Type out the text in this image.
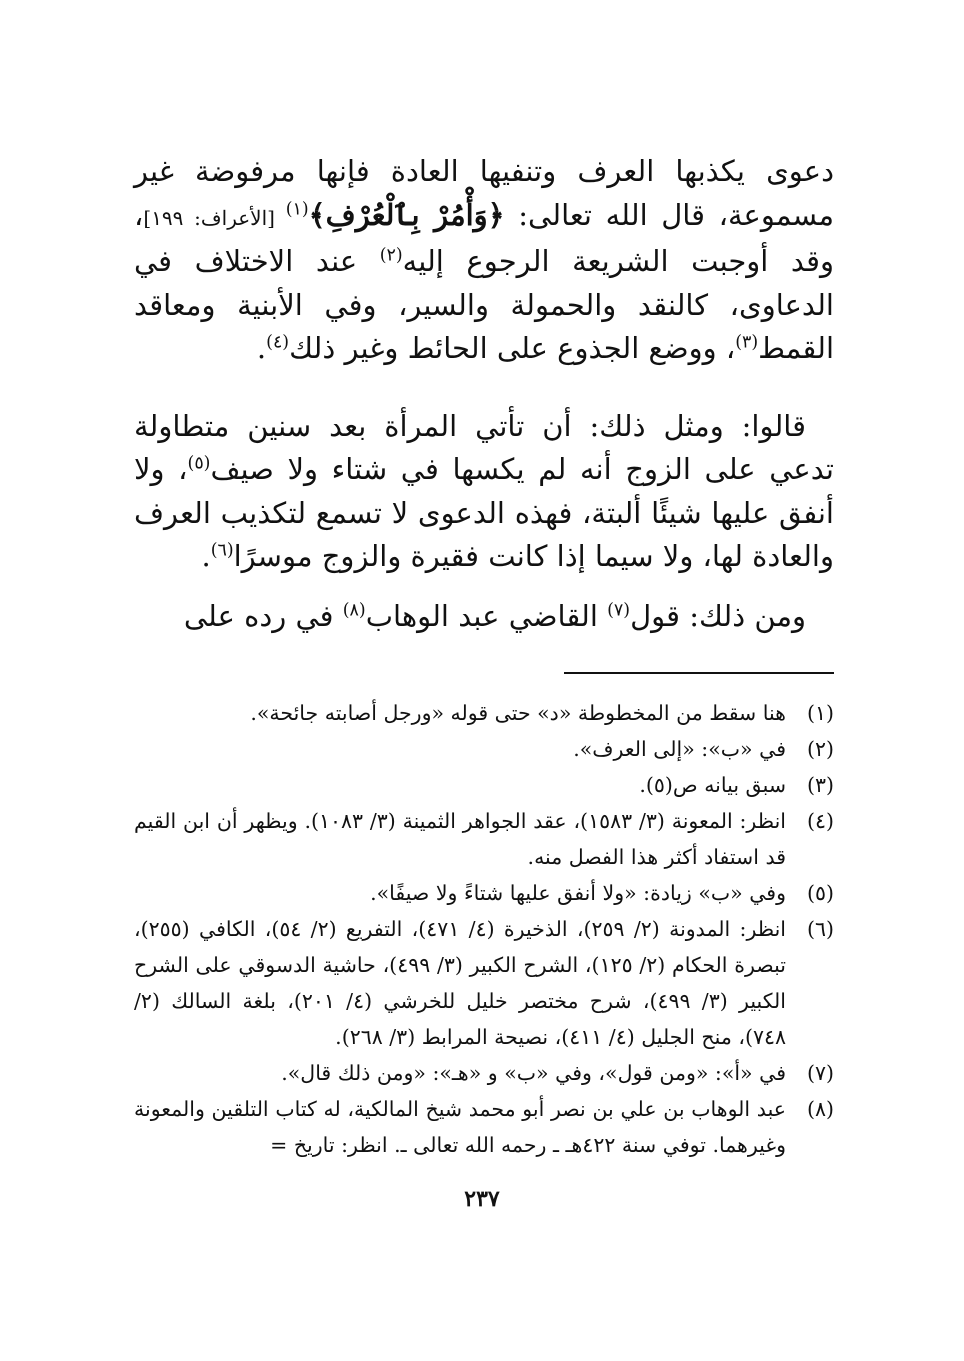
دعوى يكذبها العرف وتنفيها العادة فإنها مرفوضة غير مسموعة، قال الله تعالى: ﴿وَأْمُرْ بِٱلْعُرْفِ﴾$^{(١)}$ [الأعراف: ١٩٩]، وقد أوجبت الشريعة الرجوع إليه$^{(٢)}$ عند الاختلاف في الدعاوى، كالنقد والحمولة والسير، وفي الأبنية ومعاقد القمط$^{(٣)}$، ووضع الجذوع على الحائط وغير ذلك$^{(٤)}$.

قالوا: ومثل ذلك: أن تأتي المرأة بعد سنين متطاولة تدعي على الزوج أنه لم يكسها في شتاء ولا صيف$^{(٥)}$، ولا أنفق عليها شيئًا ألبتة، فهذه الدعوى لا تسمع لتكذيب العرف والعادة لها، ولا سيما إذا كانت فقيرة والزوج موسرًا$^{(٦)}$.

ومن ذلك: قول$^{(٧)}$ القاضي عبد الوهاب$^{(٨)}$ في رده على

(١)
هنا سقط من المخطوطة «د» حتى قوله «ورجل أصابته جائحة».
(٢)
في «ب»: «إلى العرف».
(٣)
سبق بيانه ص(٥).
(٤)
انظر: المعونة (٣/ ١٥٨٣)، عقد الجواهر الثمينة (٣/ ١٠٨٣). ويظهر أن ابن القيم قد استفاد أكثر هذا الفصل منه.
(٥)
وفي «ب» زيادة: «ولا أنفق عليها شتاءً ولا صيفًا».
(٦)
انظر: المدونة (٢/ ٢٥٩)، الذخيرة (٤/ ٤٧١)، التفريع (٢/ ٥٤)، الكافي (٢٥٥)، تبصرة الحكام (٢/ ١٢٥)، الشرح الكبير (٣/ ٤٩٩)، حاشية الدسوقي على الشرح الكبير (٣/ ٤٩٩)، شرح مختصر خليل للخرشي (٤/ ٢٠١)، بلغة السالك (٢/ ٧٤٨)، منح الجليل (٤/ ٤١١)، نصيحة المرابط (٣/ ٢٦٨).
(٧)
في «أ»: «ومن قول»، وفي «ب» و «هـ»: «ومن ذلك قال».
(٨)
عبد الوهاب بن علي بن نصر أبو محمد شيخ المالكية، له كتاب التلقين والمعونة وغيرهما. توفي سنة ٤٢٢هـ ـ رحمه الله تعالى ـ. انظر: تاريخ =
٢٣٧
